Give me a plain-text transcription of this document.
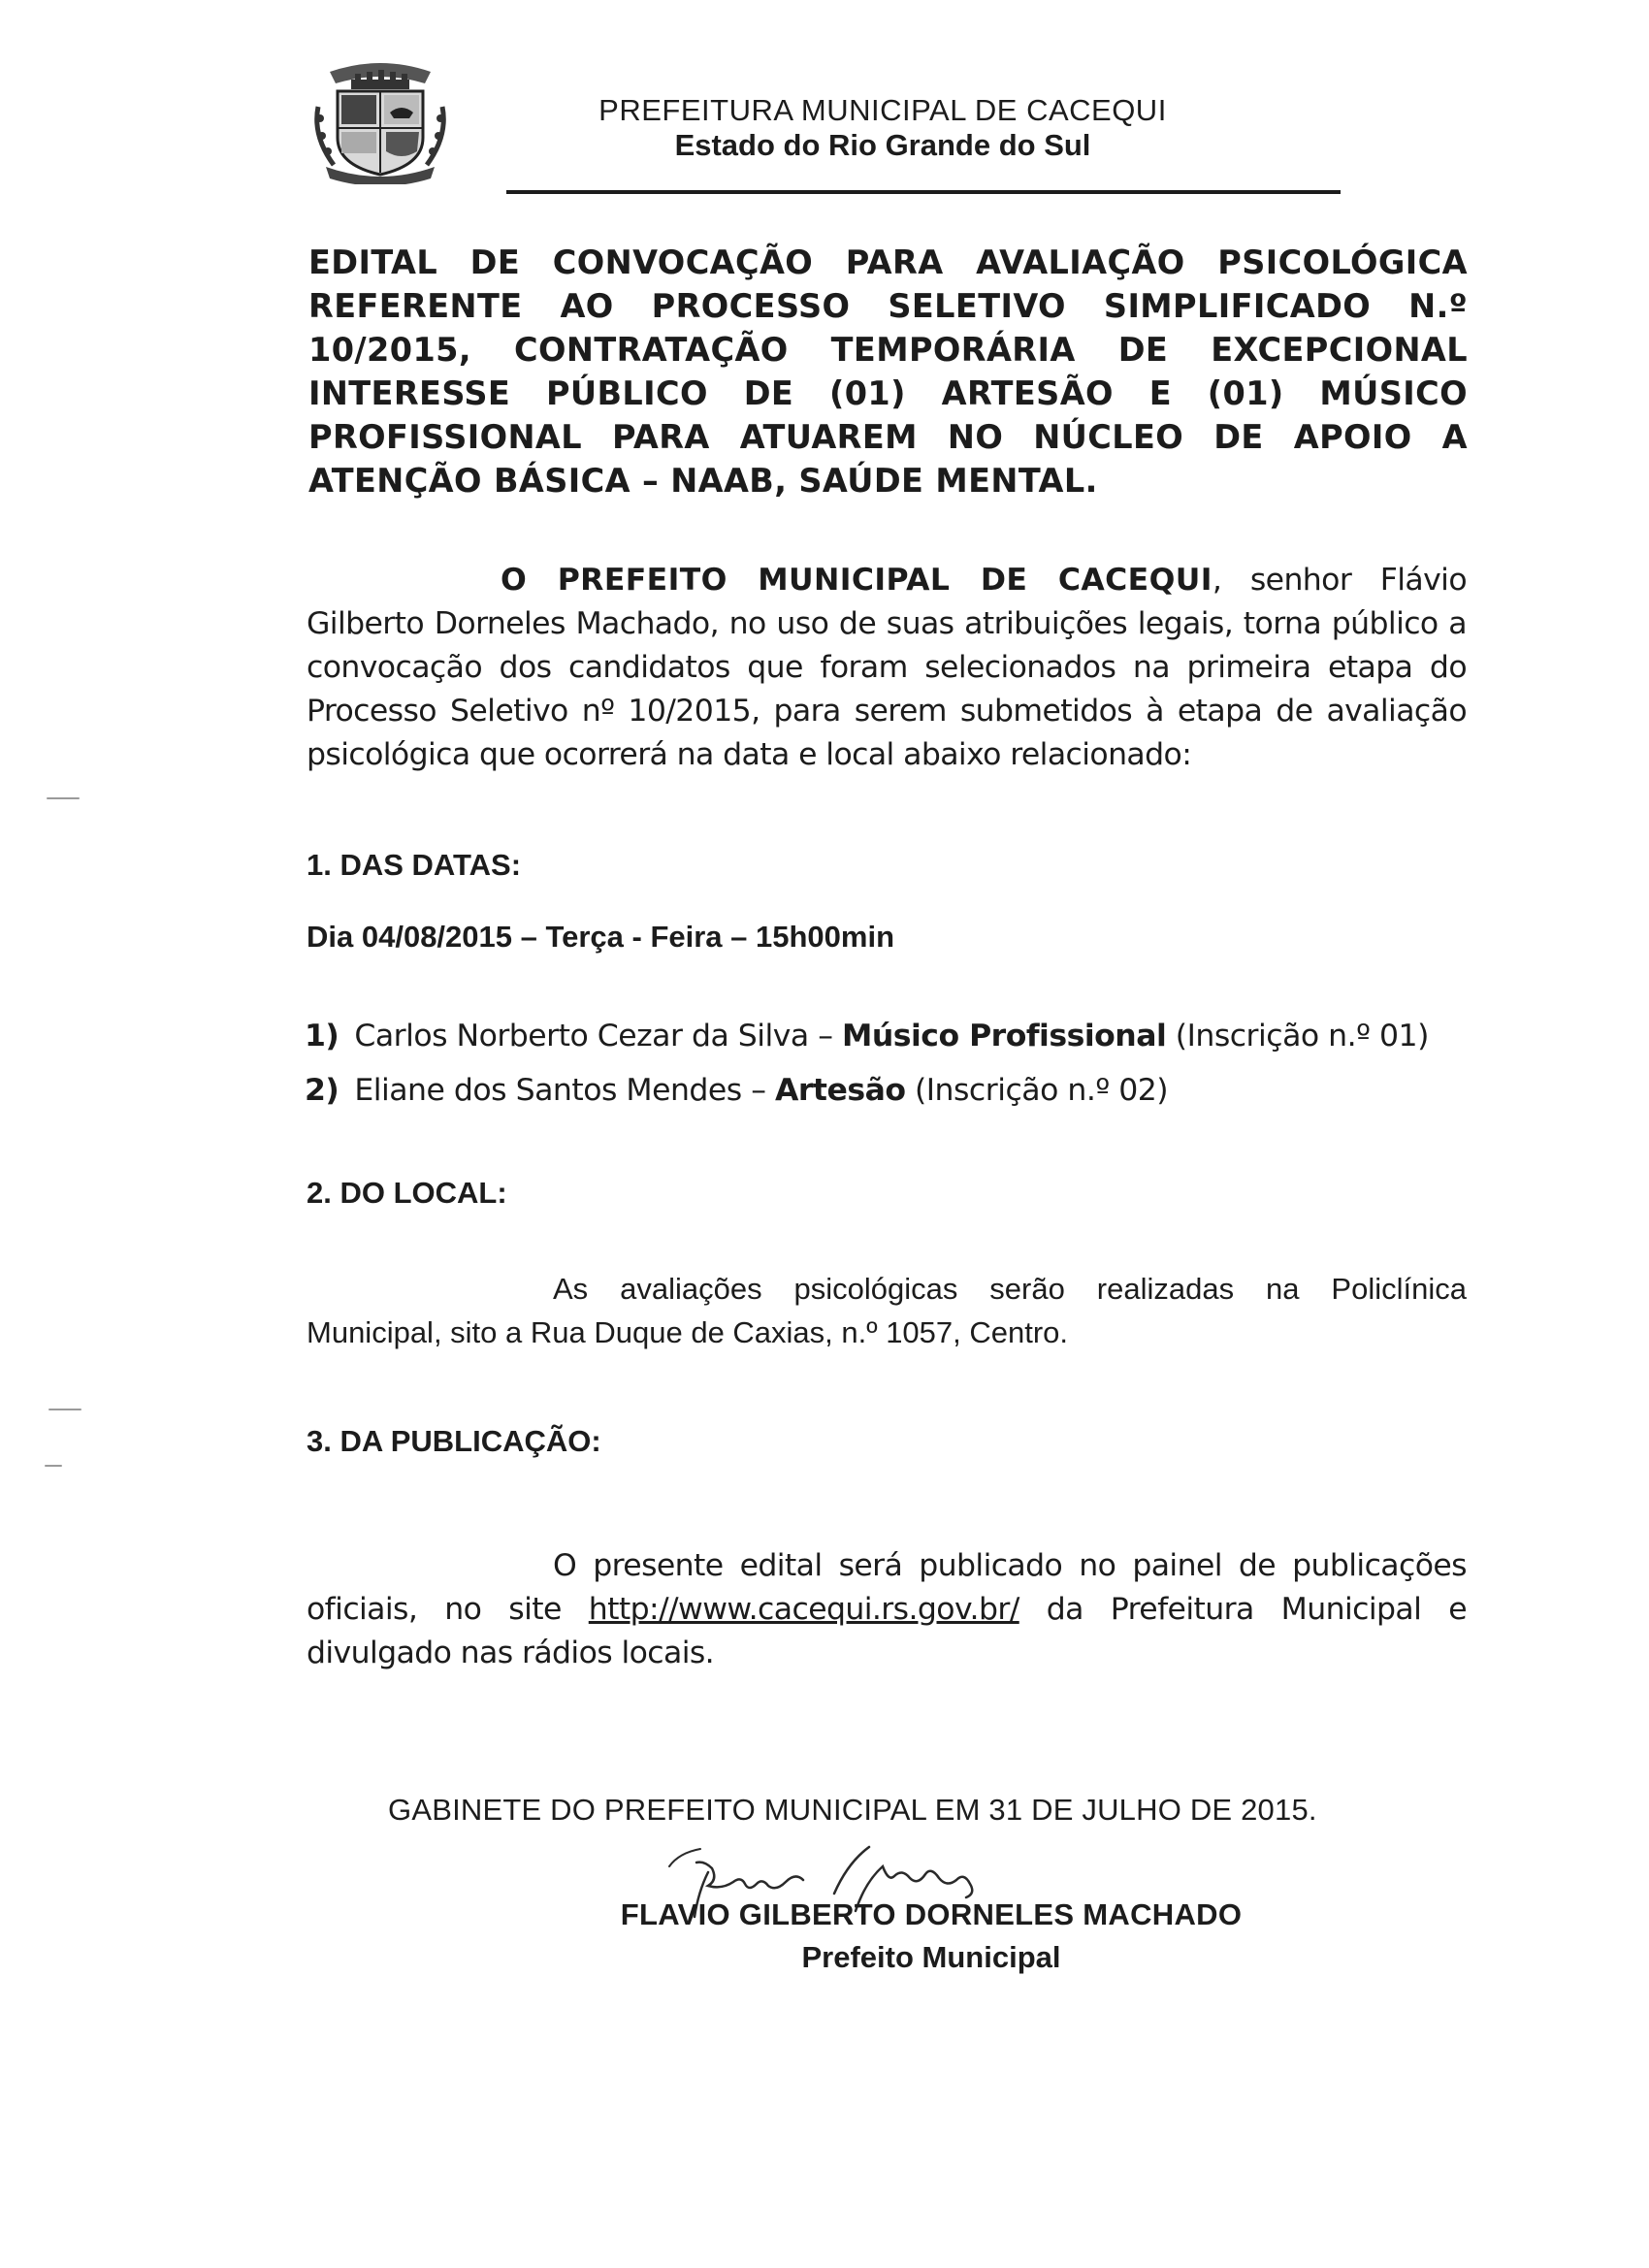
PREFEITURA MUNICIPAL DE CACEQUI
Estado do Rio Grande do Sul
EDITAL DE CONVOCAÇÃO PARA AVALIAÇÃO PSICOLÓGICA REFERENTE AO PROCESSO SELETIVO SIMPLIFICADO N.º 10/2015, CONTRATAÇÃO TEMPORÁRIA DE EXCEPCIONAL INTERESSE PÚBLICO DE (01) ARTESÃO E (01) MÚSICO PROFISSIONAL PARA ATUAREM NO NÚCLEO DE APOIO A ATENÇÃO BÁSICA – NAAB, SAÚDE MENTAL.
O PREFEITO MUNICIPAL DE CACEQUI, senhor Flávio Gilberto Dorneles Machado, no uso de suas atribuições legais, torna público a convocação dos candidatos que foram selecionados na primeira etapa do Processo Seletivo nº 10/2015, para serem submetidos à etapa de avaliação psicológica que ocorrerá na data e local abaixo relacionado:
1. DAS DATAS:
Dia 04/08/2015 – Terça - Feira – 15h00min
1) Carlos Norberto Cezar da Silva – Músico Profissional (Inscrição n.º 01)
2) Eliane dos Santos Mendes – Artesão (Inscrição n.º 02)
2. DO LOCAL:
As avaliações psicológicas serão realizadas na Policlínica Municipal, sito a Rua Duque de Caxias, n.º 1057, Centro.
3. DA PUBLICAÇÃO:
O presente edital será publicado no painel de publicações oficiais, no site http://www.cacequi.rs.gov.br/ da Prefeitura Municipal e divulgado nas rádios locais.
GABINETE DO PREFEITO MUNICIPAL EM 31 DE JULHO DE 2015.
FLAVIO GILBERTO DORNELES MACHADO
Prefeito Municipal
